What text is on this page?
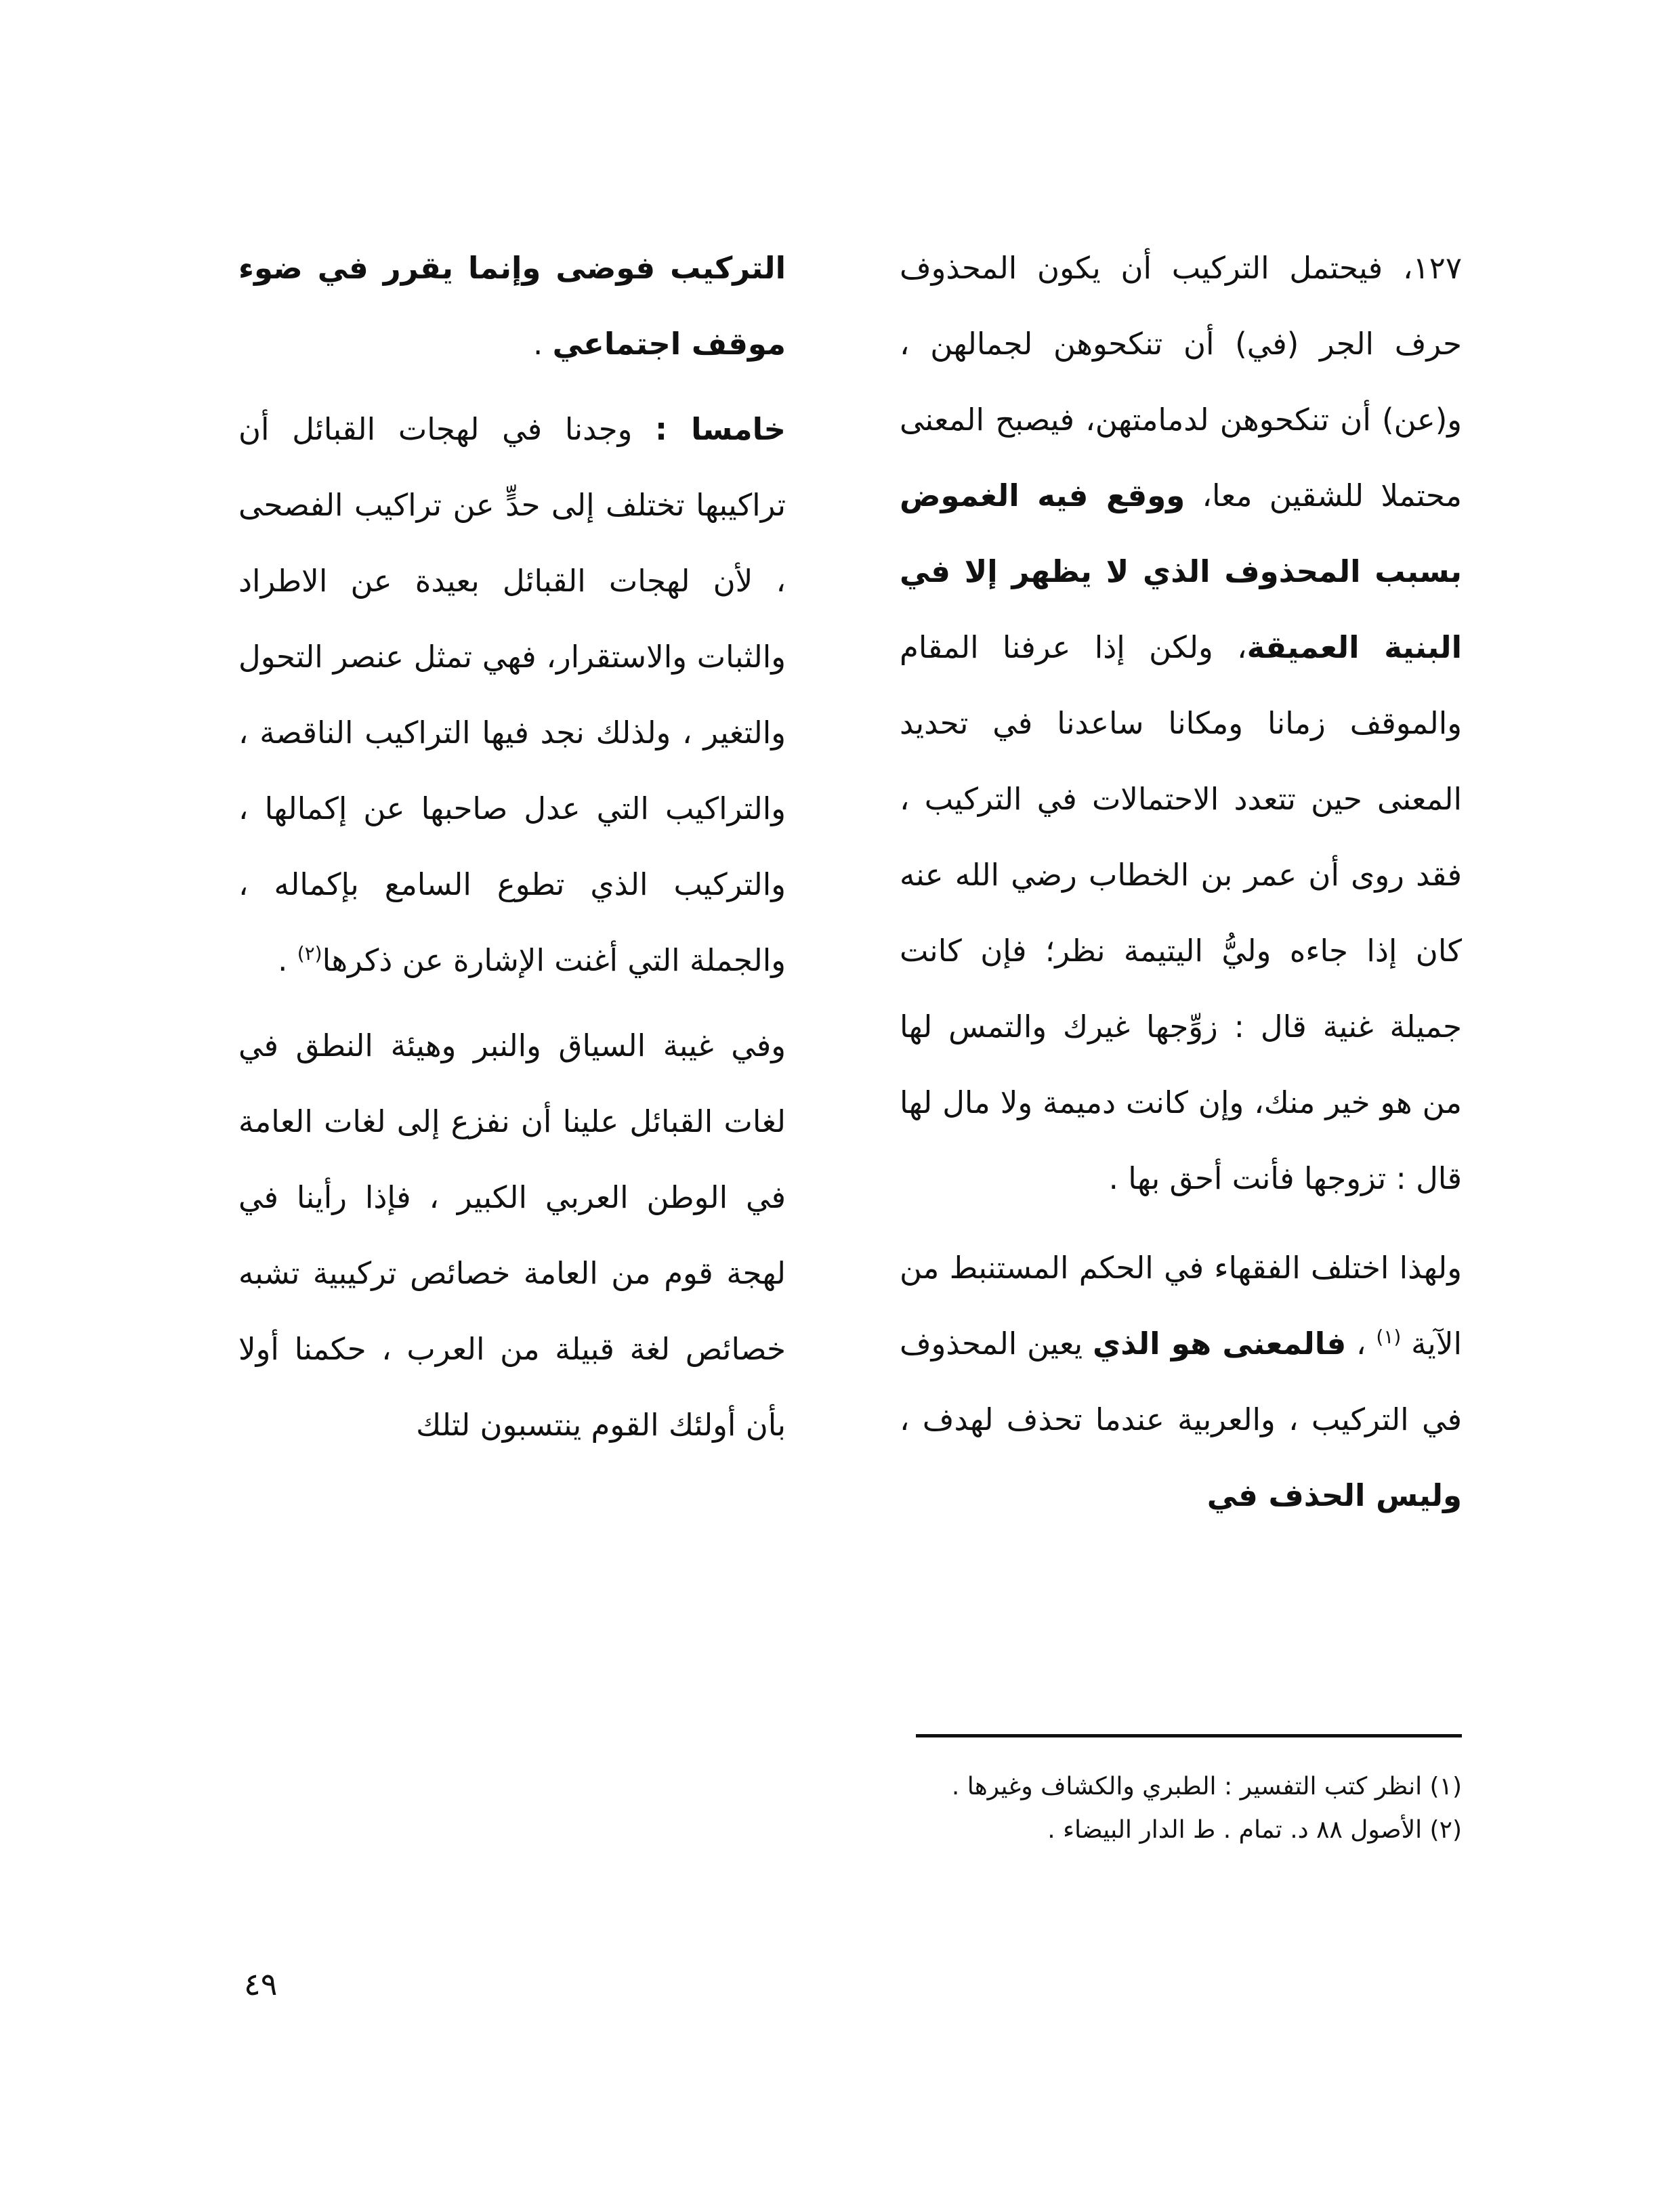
١٢٧، فيحتمل التركيب أن يكون المحذوف حرف الجر (في) أن تنكحوهن لجمالهن ، و(عن) أن تنكحوهن لدمامتهن، فيصبح المعنى محتملا للشقين معا، ووقع فيه الغموض بسبب المحذوف الذي لا يظهر إلا في البنية العميقة، ولكن إذا عرفنا المقام والموقف زمانا ومكانا ساعدنا في تحديد المعنى حين تتعدد الاحتمالات في التركيب ، فقد روى أن عمر بن الخطاب رضي الله عنه كان إذا جاءه وليُّ اليتيمة نظر؛ فإن كانت جميلة غنية قال : زوِّجها غيرك والتمس لها من هو خير منك، وإن كانت دميمة ولا مال لها قال : تزوجها فأنت أحق بها .

ولهذا اختلف الفقهاء في الحكم المستنبط من الآية $^{(١)}$ ، فالمعنى هو الذي يعين المحذوف في التركيب ، والعربية عندما تحذف لهدف ، وليس الحذف في

التركيب فوضى وإنما يقرر في ضوء موقف اجتماعي .

خامسا : وجدنا في لهجات القبائل أن تراكيبها تختلف إلى حدٍّ عن تراكيب الفصحى ، لأن لهجات القبائل بعيدة عن الاطراد والثبات والاستقرار، فهي تمثل عنصر التحول والتغير ، ولذلك نجد فيها التراكيب الناقصة ، والتراكيب التي عدل صاحبها عن إكمالها ، والتركيب الذي تطوع السامع بإكماله ، والجملة التي أغنت الإشارة عن ذكرها$^{(٢)}$ .

وفي غيبة السياق والنبر وهيئة النطق في لغات القبائل علينا أن نفزع إلى لغات العامة في الوطن العربي الكبير ، فإذا رأينا في لهجة قوم من العامة خصائص تركيبية تشبه خصائص لغة قبيلة من العرب ، حكمنا أولا بأن أولئك القوم ينتسبون لتلك

(١) انظر كتب التفسير : الطبري والكشاف وغيرها .
(٢) الأصول ٨٨ د. تمام . ط الدار البيضاء .
٤٩
